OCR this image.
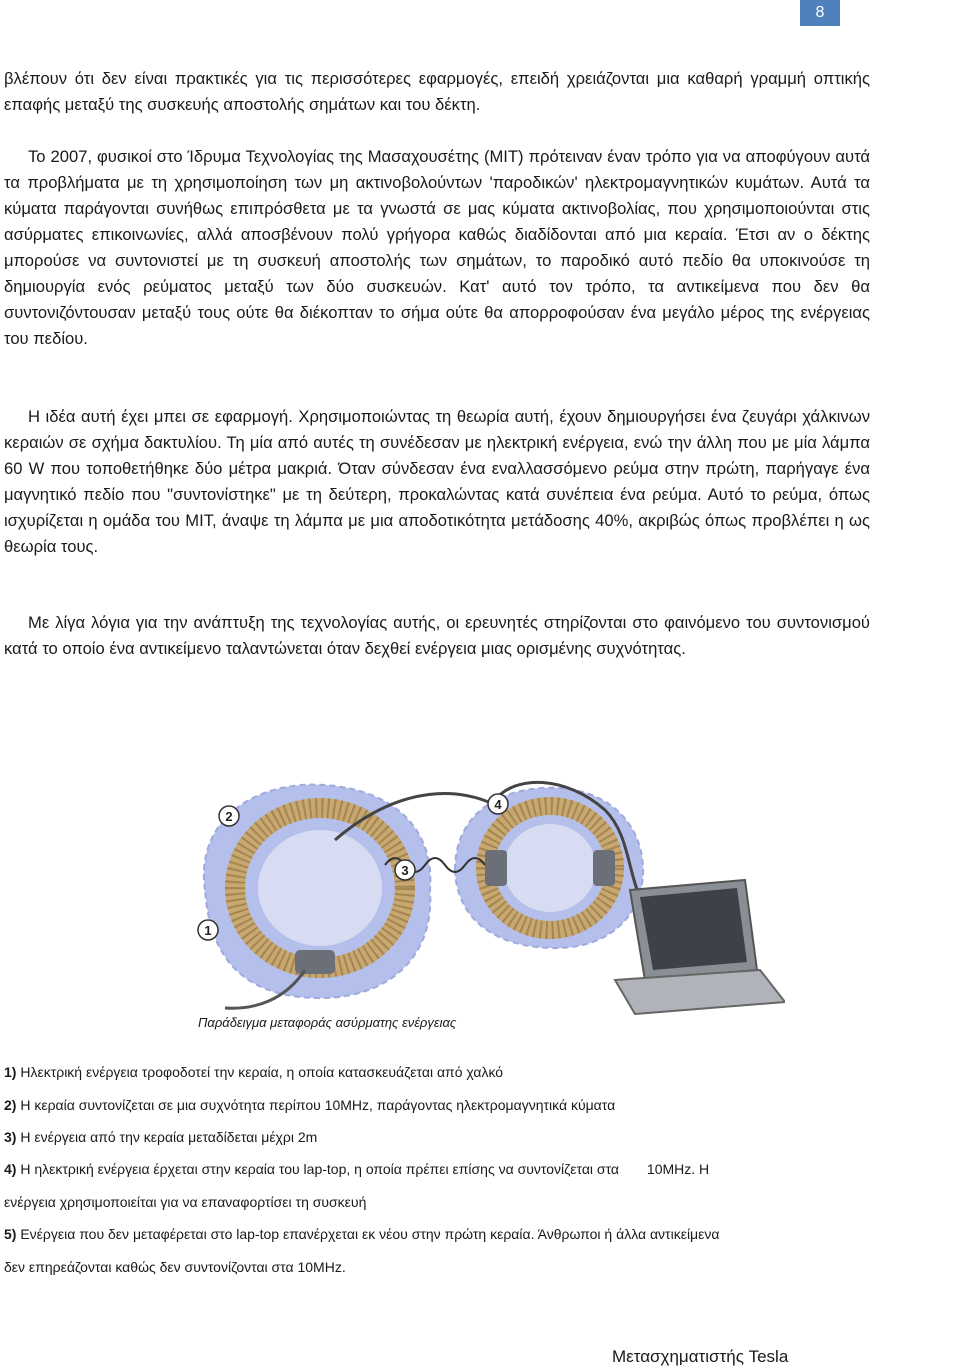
8

βλέπουν ότι δεν είναι πρακτικές για τις περισσότερες εφαρμογές, επειδή χρειάζονται μια καθαρή γραμμή οπτικής επαφής μεταξύ της συσκευής αποστολής σημάτων και του δέκτη.

Το 2007, φυσικοί στο Ίδρυμα Τεχνολογίας της Μασαχουσέτης (MIT) πρότειναν έναν τρόπο για να αποφύγουν αυτά τα προβλήματα με τη χρησιμοποίηση των μη ακτινοβολούντων 'παροδικών' ηλεκτρομαγνητικών κυμάτων. Αυτά τα κύματα παράγονται συνήθως επιπρόσθετα με τα γνωστά σε μας κύματα ακτινοβολίας, που χρησιμοποιούνται στις ασύρματες επικοινωνίες, αλλά αποσβένουν πολύ γρήγορα καθώς διαδίδονται από μια κεραία. Έτσι αν ο δέκτης μπορούσε να συντονιστεί με τη συσκευή αποστολής των σημάτων, το παροδικό αυτό πεδίο θα υποκινούσε τη δημιουργία ενός ρεύματος μεταξύ των δύο συσκευών. Κατ' αυτό τον τρόπο, τα αντικείμενα που δεν θα συντονιζόντουσαν μεταξύ τους ούτε θα διέκοπταν το σήμα ούτε θα απορροφούσαν ένα μεγάλο μέρος της ενέργειας του πεδίου.

Η ιδέα αυτή έχει μπει σε εφαρμογή. Χρησιμοποιώντας τη θεωρία αυτή, έχουν δημιουργήσει ένα ζευγάρι χάλκινων κεραιών σε σχήμα δακτυλίου. Τη μία από αυτές τη συνέδεσαν με ηλεκτρική ενέργεια, ενώ την άλλη που με μία λάμπα 60 W που τοποθετήθηκε δύο μέτρα μακριά. Όταν σύνδεσαν ένα εναλλασσόμενο ρεύμα στην πρώτη, παρήγαγε ένα μαγνητικό πεδίο που "συντονίστηκε" με τη δεύτερη, προκαλώντας κατά συνέπεια ένα ρεύμα. Αυτό το ρεύμα, όπως ισχυρίζεται η ομάδα του MIT, άναψε τη λάμπα με μια αποδοτικότητα μετάδοσης 40%, ακριβώς όπως προβλέπει η ως θεωρία τους.

Με λίγα λόγια για την ανάπτυξη της τεχνολογίας αυτής, οι ερευνητές στηρίζονται στο φαινόμενο του συντονισμού κατά το οποίο ένα αντικείμενο ταλαντώνεται όταν δεχθεί ενέργεια μιας ορισμένης συχνότητας.

1
2
3
4
Παράδειγμα μεταφοράς ασύρματης ενέργειας
1) Ηλεκτρική ενέργεια τροφοδοτεί την κεραία, η οποία κατασκευάζεται από χαλκό
2) Η κεραία συντονίζεται σε μια συχνότητα περίπου 10MHz, παράγοντας ηλεκτρομαγνητικά κύματα
3) Η ενέργεια από την κεραία μεταδίδεται μέχρι 2m
4) Η ηλεκτρική ενέργεια έρχεται στην κεραία του lap-top, η οποία πρέπει επίσης να συντονίζεται στα 10MHz. Η
ενέργεια χρησιμοποιείται για να επαναφορτίσει τη συσκευή
5) Ενέργεια που δεν μεταφέρεται στο lap-top επανέρχεται εκ νέου στην πρώτη κεραία. Άνθρωποι ή άλλα αντικείμενα
δεν επηρεάζονται καθώς δεν συντονίζονται στα 10MHz.
Μετασχηματιστής Tesla
